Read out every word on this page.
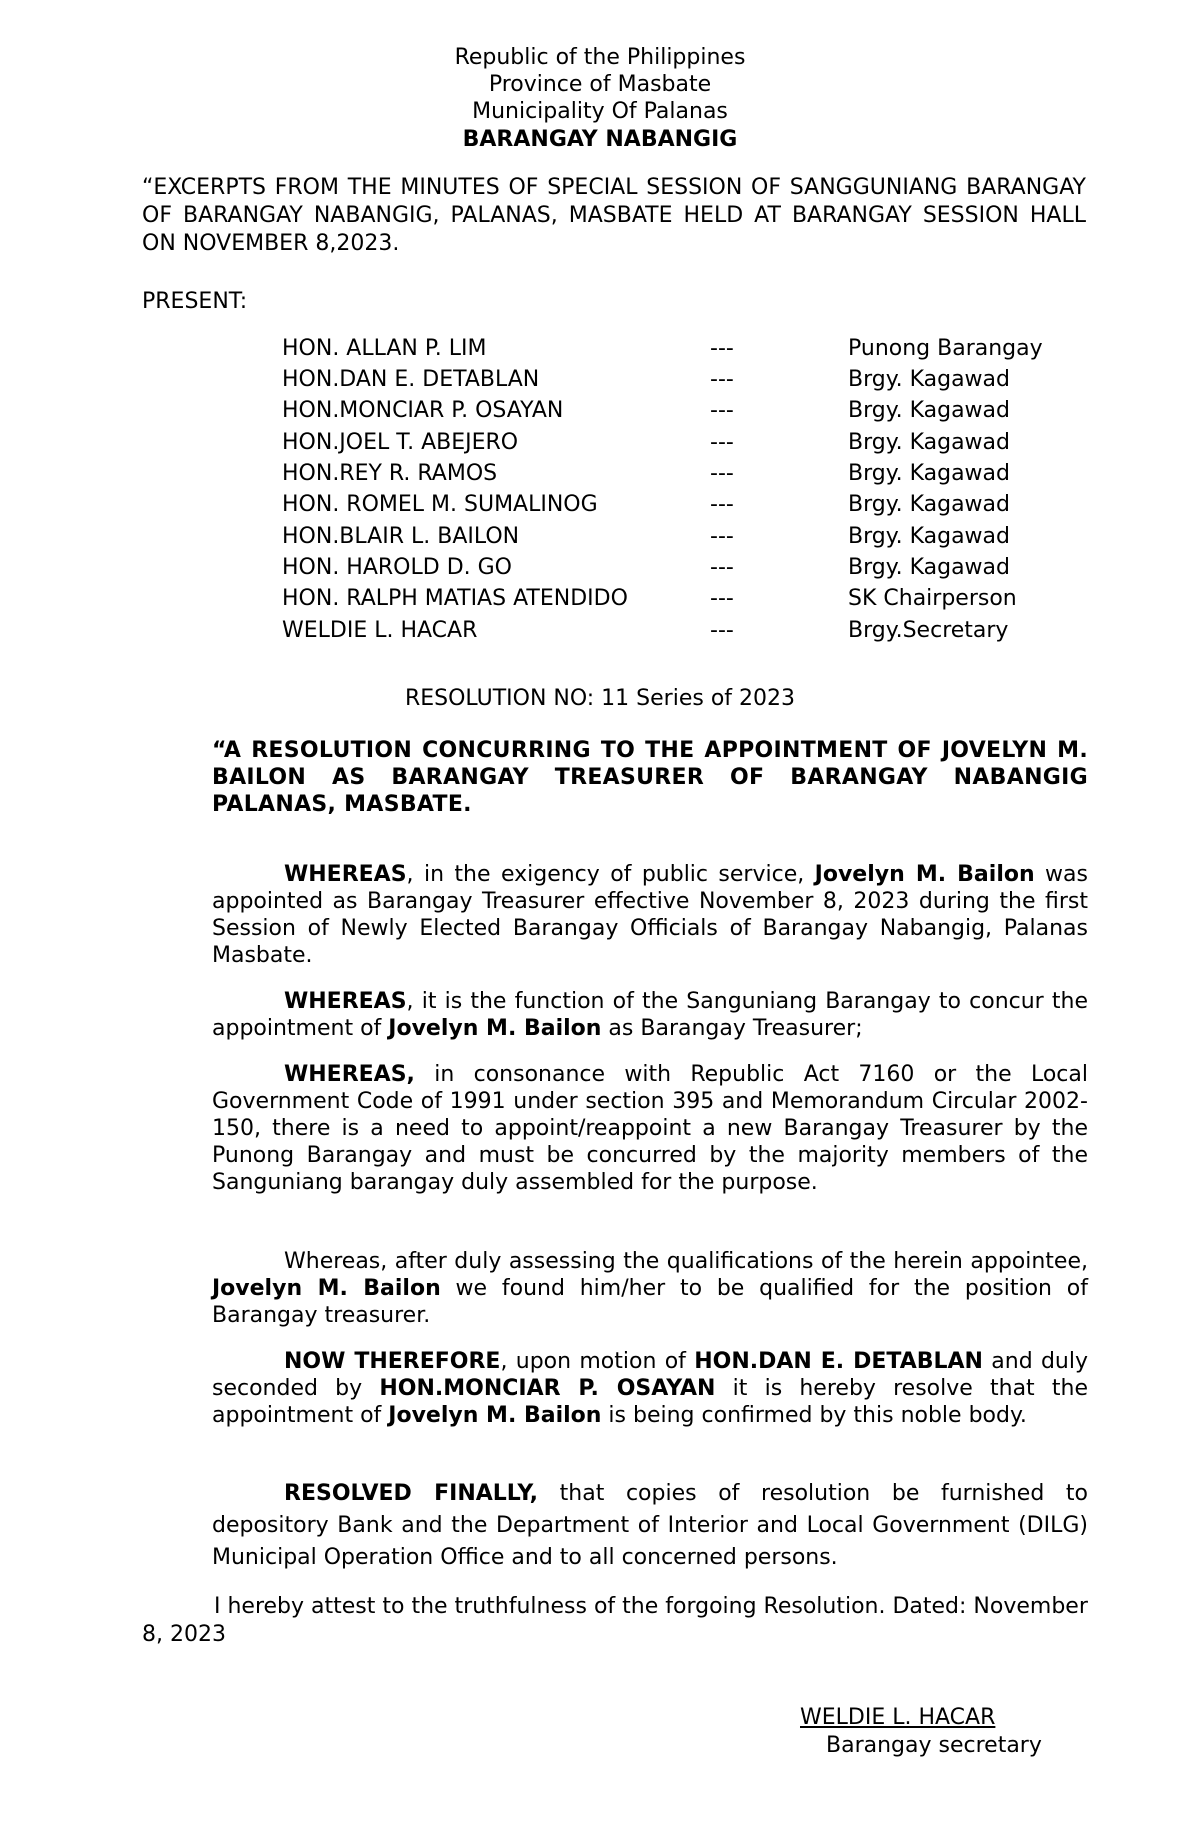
Republic of the Philippines
Province of Masbate
Municipality Of Palanas
BARANGAY NABANGIG
“EXCERPTS FROM THE MINUTES OF SPECIAL SESSION OF SANGGUNIANG BARANGAY OF BARANGAY NABANGIG, PALANAS, MASBATE HELD AT BARANGAY SESSION HALL ON NOVEMBER 8,2023.
PRESENT:
HON. ALLAN P. LIM	---	Punong Barangay
HON.DAN E. DETABLAN	---	Brgy. Kagawad
HON.MONCIAR P. OSAYAN	---	Brgy. Kagawad
HON.JOEL T. ABEJERO	---	Brgy. Kagawad
HON.REY R. RAMOS	---	Brgy. Kagawad
HON. ROMEL M. SUMALINOG	---	Brgy. Kagawad
HON.BLAIR L. BAILON	---	Brgy. Kagawad
HON. HAROLD D. GO	---	Brgy. Kagawad
HON. RALPH MATIAS ATENDIDO	---	SK Chairperson
WELDIE L. HACAR	---	Brgy.Secretary
RESOLUTION NO: 11 Series of 2023
“A RESOLUTION CONCURRING TO THE APPOINTMENT OF JOVELYN M. BAILON AS BARANGAY TREASURER OF BARANGAY NABANGIG PALANAS, MASBATE.
WHEREAS, in the exigency of public service, Jovelyn M. Bailon was appointed as Barangay Treasurer effective November 8, 2023 during the first Session of Newly Elected Barangay Officials of Barangay Nabangig, Palanas Masbate.
WHEREAS, it is the function of the Sanguniang Barangay to concur the appointment of Jovelyn M. Bailon as Barangay Treasurer;
WHEREAS, in consonance with Republic Act 7160 or the Local Government Code of 1991 under section 395 and Memorandum Circular 2002-150, there is a need to appoint/reappoint a new Barangay Treasurer by the Punong Barangay and must be concurred by the majority members of the Sanguniang barangay duly assembled for the purpose.
Whereas, after duly assessing the qualifications of the herein appointee, Jovelyn M. Bailon we found him/her to be qualified for the position of Barangay treasurer.
NOW THEREFORE, upon motion of HON.DAN E. DETABLAN and duly seconded by HON.MONCIAR P. OSAYAN it is hereby resolve that the appointment of Jovelyn M. Bailon is being confirmed by this noble body.
RESOLVED FINALLY, that copies of resolution be furnished to depository Bank and the Department of Interior and Local Government (DILG) Municipal Operation Office and to all concerned persons.
I hereby attest to the truthfulness of the forgoing Resolution. Dated: November 8, 2023
WELDIE L. HACAR
Barangay secretary
